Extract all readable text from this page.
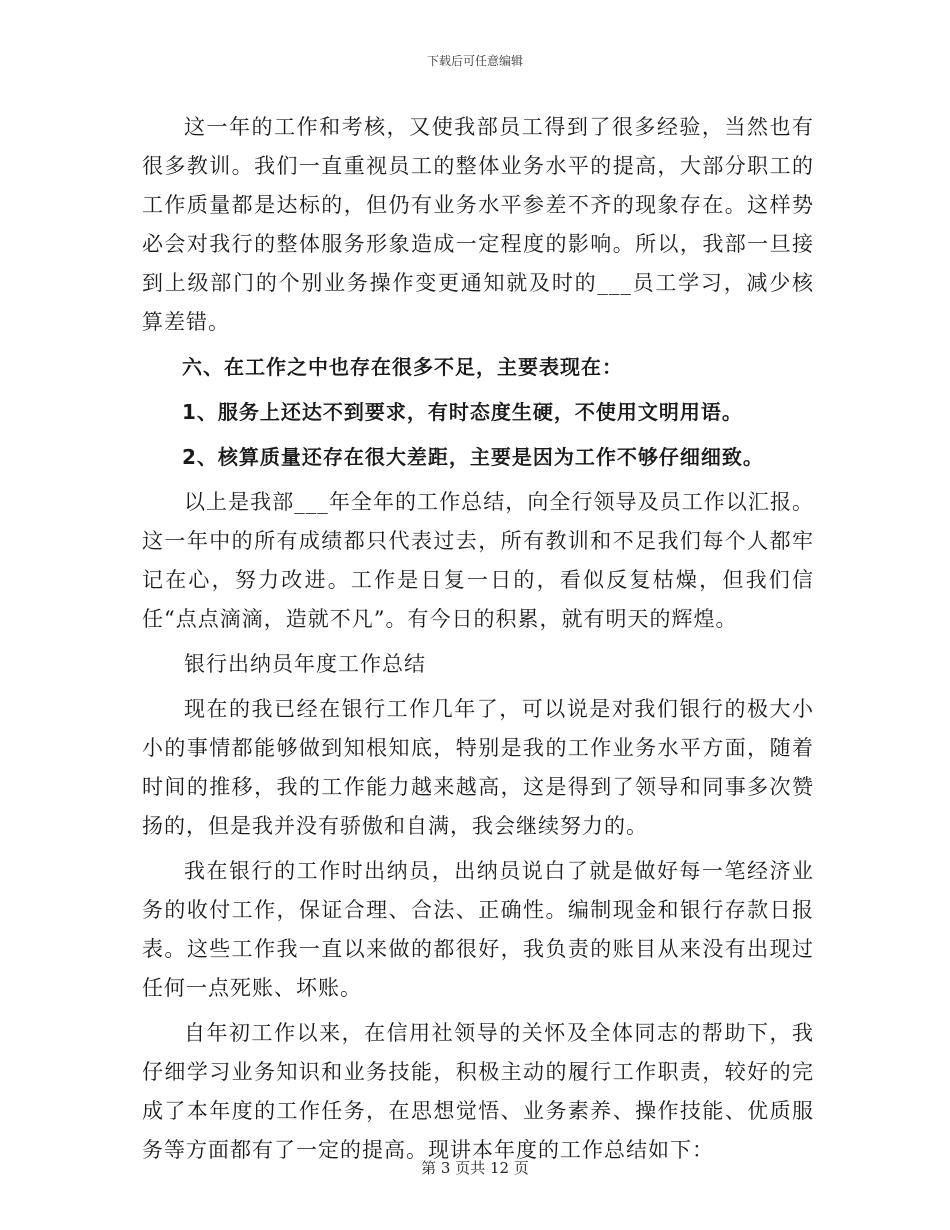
下载后可任意编辑

这一年的工作和考核，又使我部员工得到了很多经验，当然也有很多教训。我们一直重视员工的整体业务水平的提高，大部分职工的工作质量都是达标的，但仍有业务水平参差不齐的现象存在。这样势必会对我行的整体服务形象造成一定程度的影响。所以，我部一旦接到上级部门的个别业务操作变更通知就及时的___员工学习，减少核算差错。

六、在工作之中也存在很多不足，主要表现在：

1、服务上还达不到要求，有时态度生硬，不使用文明用语。

2、核算质量还存在很大差距，主要是因为工作不够仔细细致。

以上是我部___年全年的工作总结，向全行领导及员工作以汇报。这一年中的所有成绩都只代表过去，所有教训和不足我们每个人都牢记在心，努力改进。工作是日复一日的，看似反复枯燥，但我们信任“点点滴滴，造就不凡”。有今日的积累，就有明天的辉煌。

银行出纳员年度工作总结

现在的我已经在银行工作几年了，可以说是对我们银行的极大小小的事情都能够做到知根知底，特别是我的工作业务水平方面，随着时间的推移，我的工作能力越来越高，这是得到了领导和同事多次赞扬的，但是我并没有骄傲和自满，我会继续努力的。

我在银行的工作时出纳员，出纳员说白了就是做好每一笔经济业务的收付工作，保证合理、合法、正确性。编制现金和银行存款日报表。这些工作我一直以来做的都很好，我负责的账目从来没有出现过任何一点死账、坏账。

自年初工作以来，在信用社领导的关怀及全体同志的帮助下，我仔细学习业务知识和业务技能，积极主动的履行工作职责，较好的完成了本年度的工作任务，在思想觉悟、业务素养、操作技能、优质服务等方面都有了一定的提高。现讲本年度的工作总结如下：

第 3 页共 12 页
